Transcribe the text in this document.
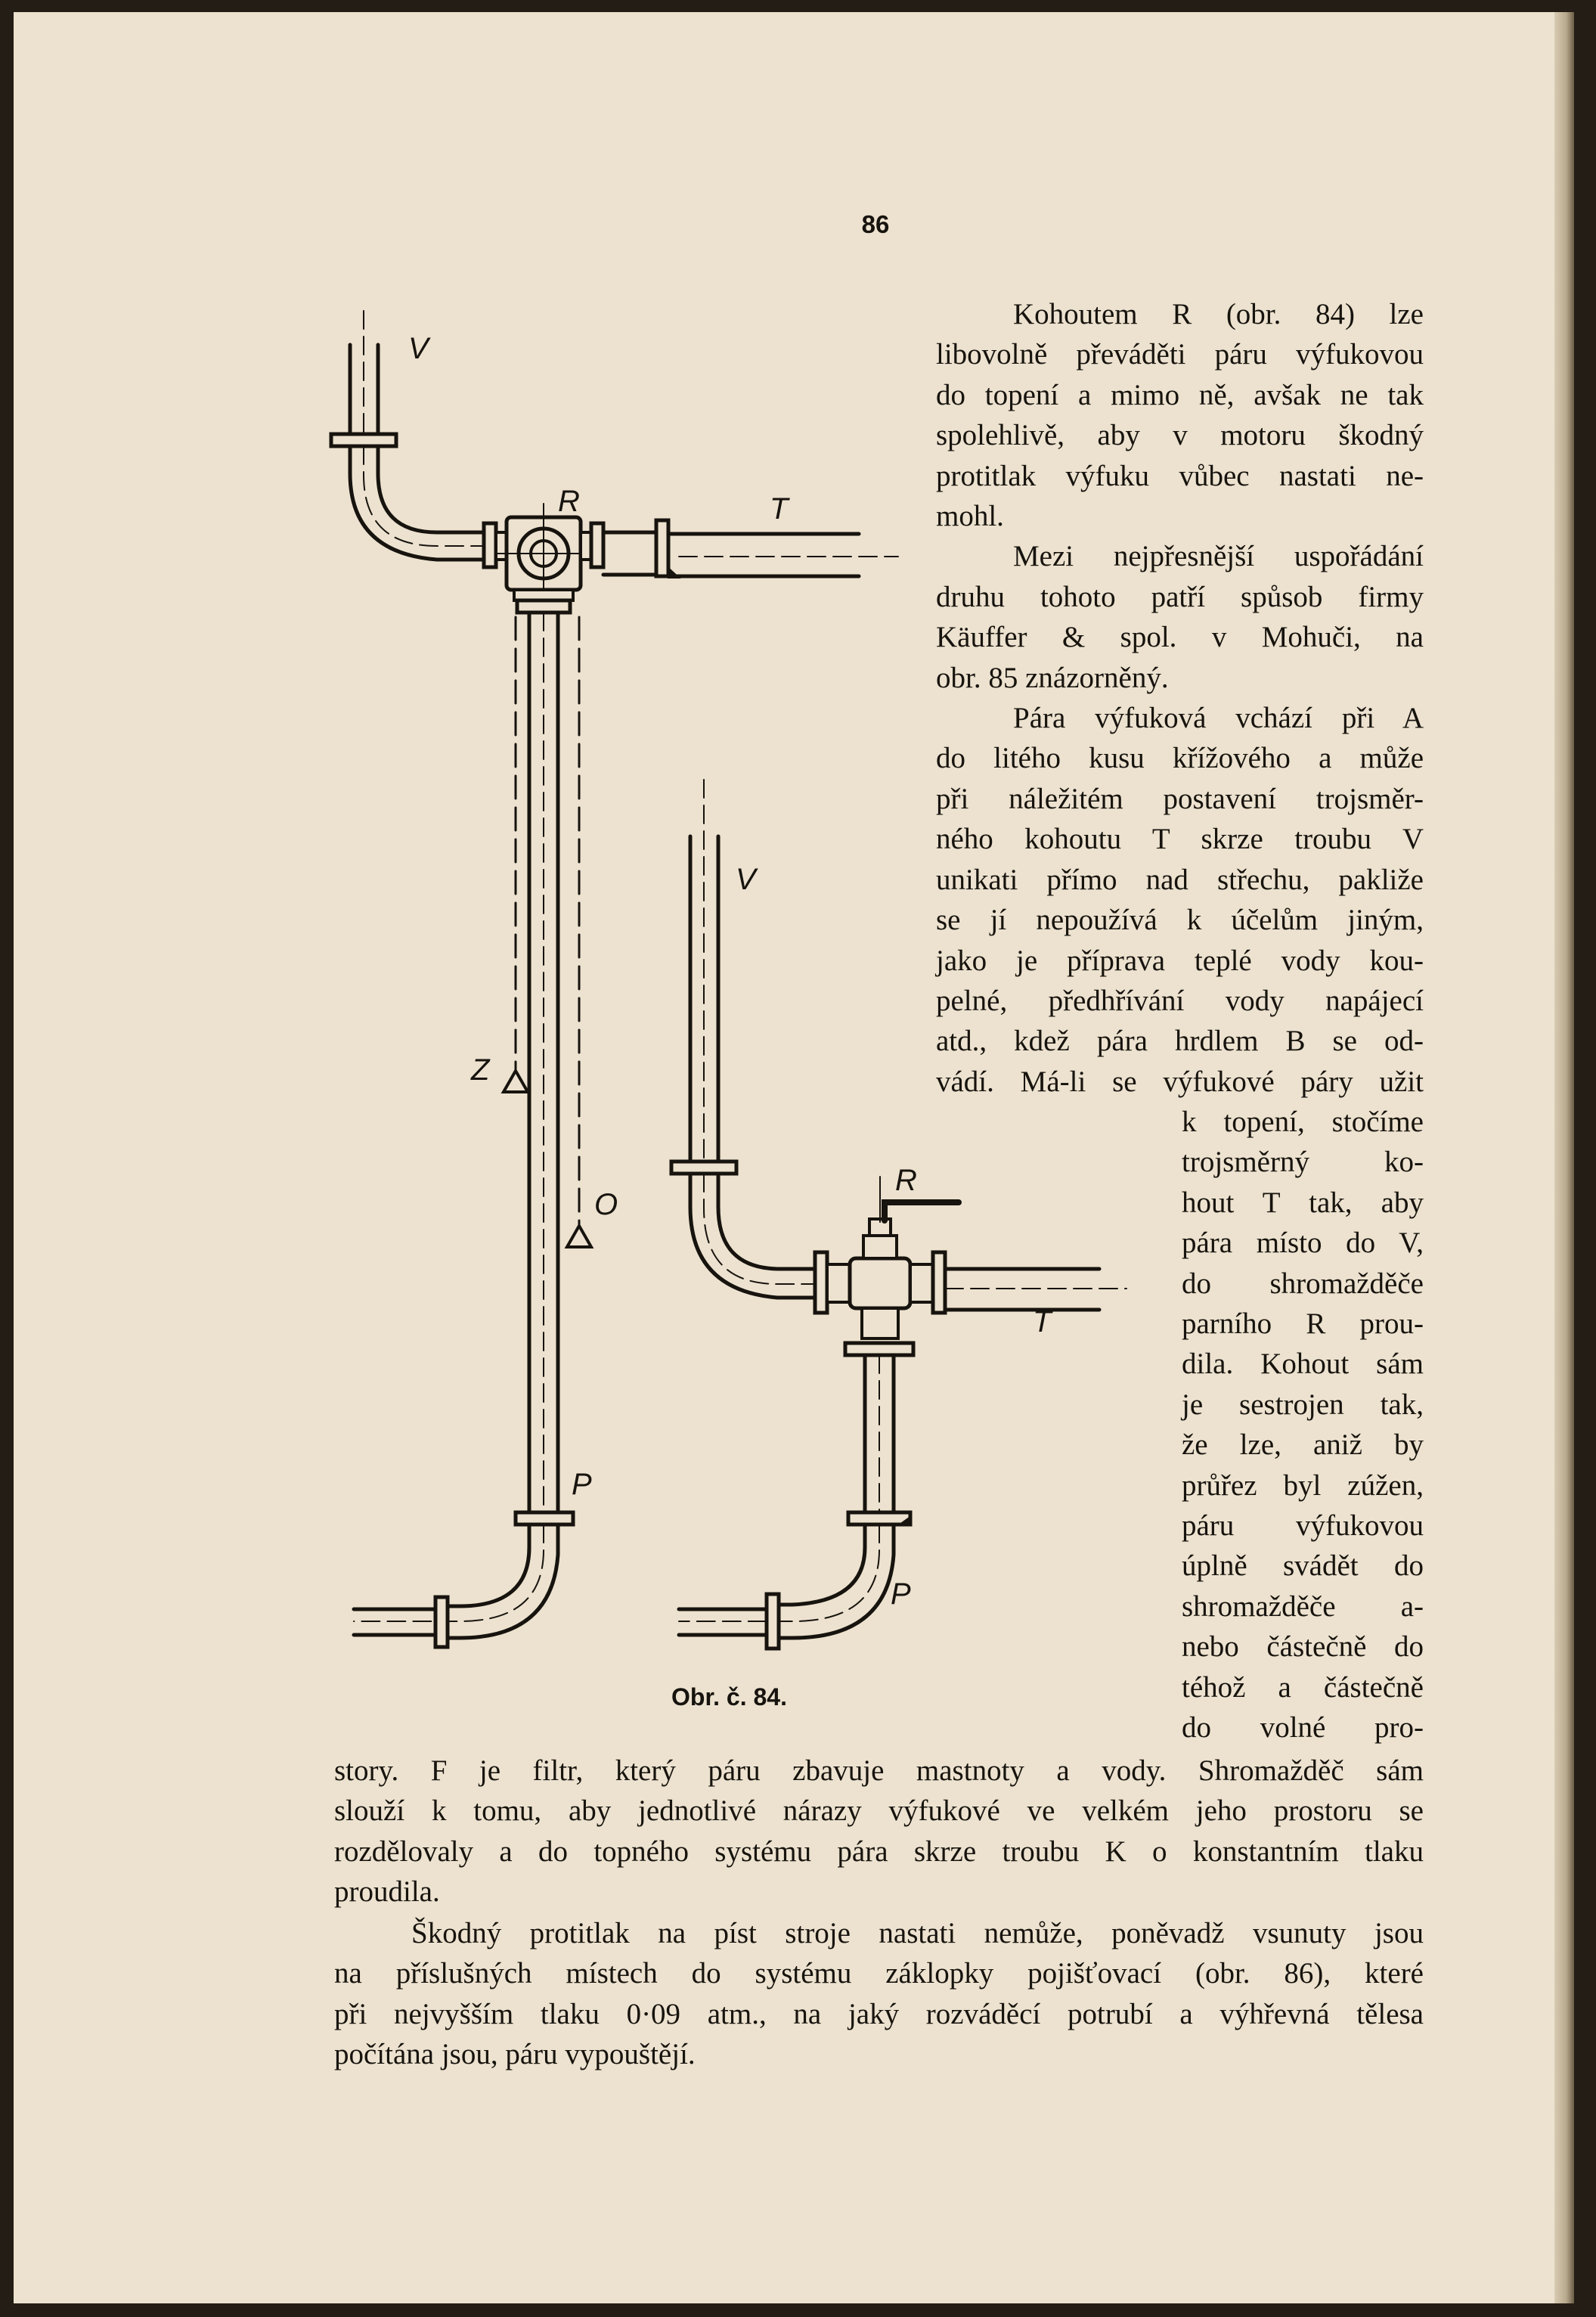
86
V
R	T
Z
O
P
V
R
T
P
Obr. č. 84.
Kohoutem R (obr. 84) lze
libovolně převáděti páru výfukovou
do topení a mimo ně, avšak ne tak
spolehlivě, aby v motoru škodný
protitlak výfuku vůbec nastati ne-
mohl.
Mezi nejpřesnější uspořádání
druhu tohoto patří spůsob firmy
Käuffer & spol. v Mohuči, na
obr. 85 znázorněný.
Pára výfuková vchází při A
do litého kusu křížového a může
při náležitém postavení trojsměr-
ného kohoutu T skrze troubu V
unikati přímo nad střechu, pakliže
se jí nepoužívá k účelům jiným,
jako je příprava teplé vody kou-
pelné, předhřívání vody napájecí
atd., kdež pára hrdlem B se od-
vádí. Má-li se výfukové páry užit
k topení, stočíme
trojsměrný ko-
hout T tak, aby
pára místo do V,
do shromažděče
parního R prou-
dila. Kohout sám
je sestrojen tak,
že lze, aniž by
průřez byl zúžen,
páru výfukovou
úplně svádět do
shromažděče a-
nebo částečně do
téhož a částečně
do volné pro-
story. F je filtr, který páru zbavuje mastnoty a vody. Shromažděč sám
slouží k tomu, aby jednotlivé nárazy výfukové ve velkém jeho prostoru se
rozdělovaly a do topného systému pára skrze troubu K o konstantním tlaku
proudila.
Škodný protitlak na píst stroje nastati nemůže, poněvadž vsunuty jsou
na příslušných místech do systému záklopky pojišťovací (obr. 86), které
při nejvyšším tlaku 0·09 atm., na jaký rozváděcí potrubí a výhřevná tělesa
počítána jsou, páru vypouštějí.
